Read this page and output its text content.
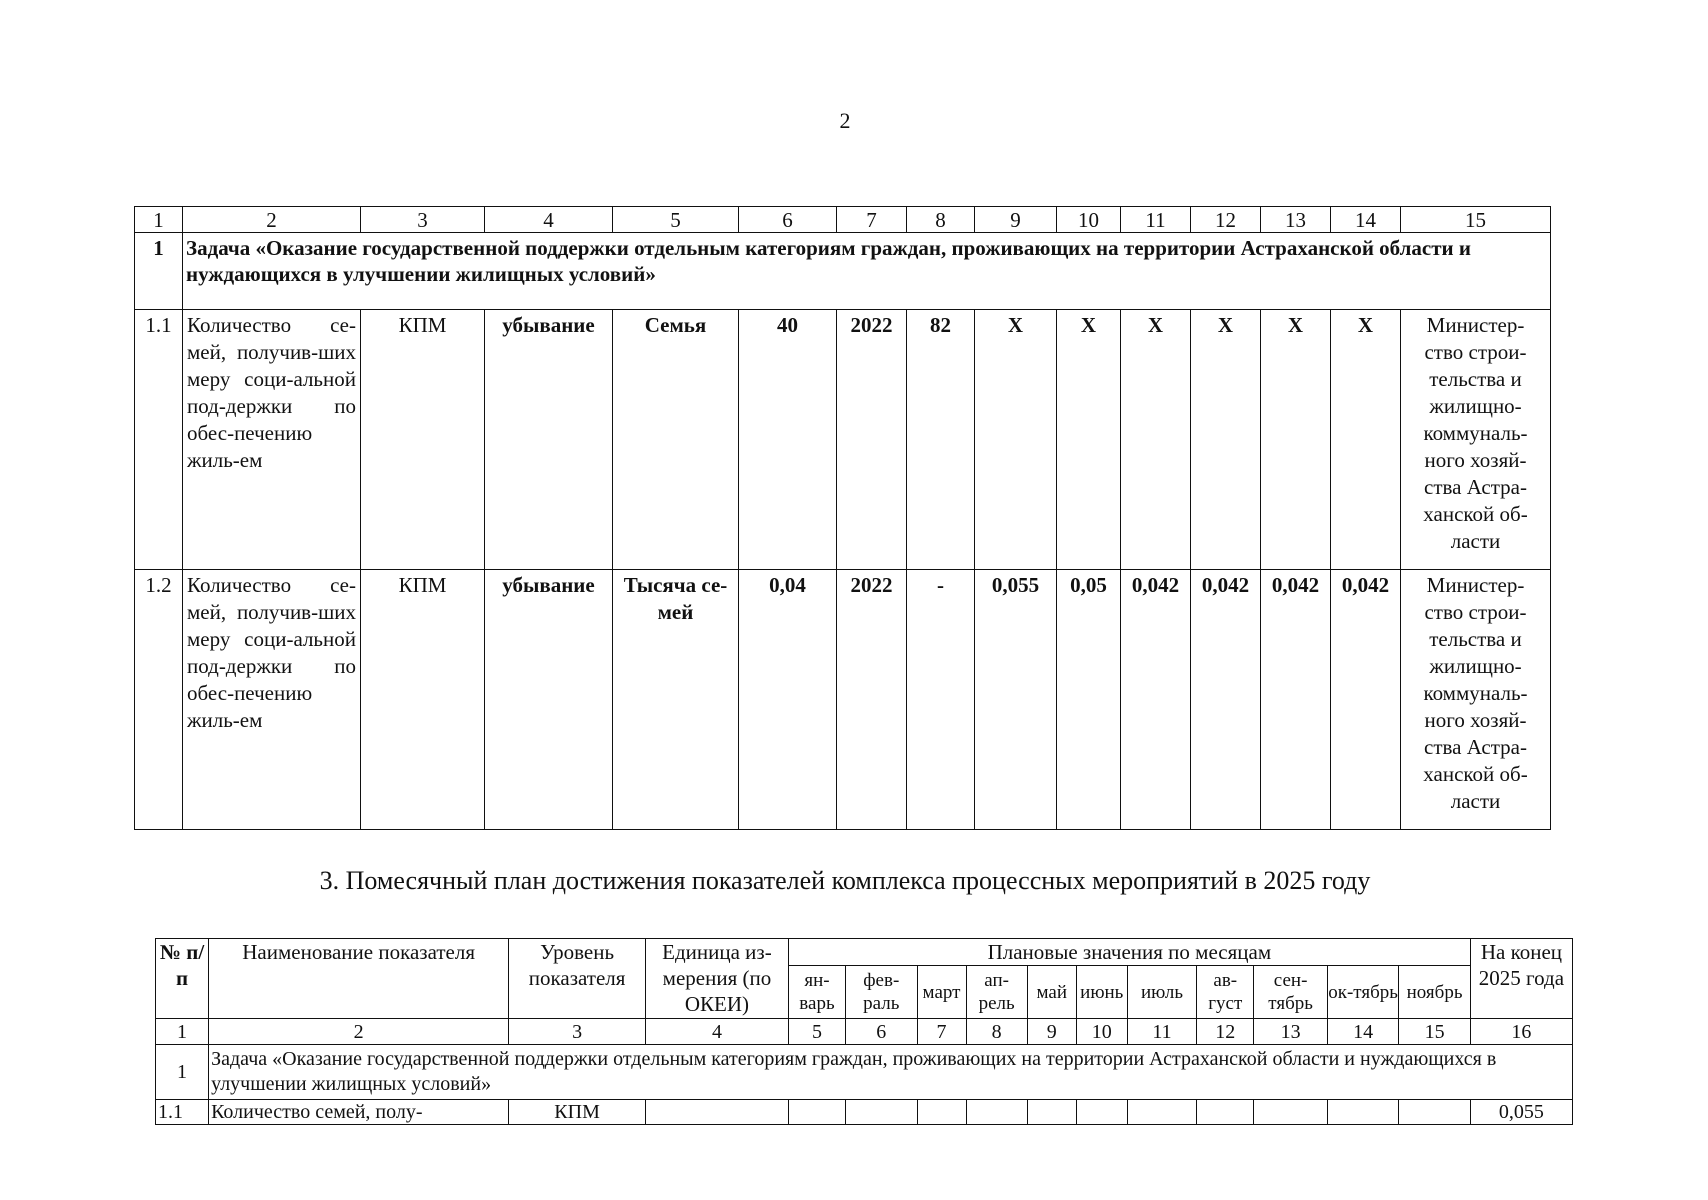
2
1	2	3	4	5	6	7	8	9	10	11	12	13	14	15
1	Задача «Оказание государственной поддержки отдельным категориям граждан, проживающих на территории Астраханской области и нуждающихся в улучшении жилищных условий»													
1.1	Количество се-мей, получив-ших меру соци-альной под-держки по обес-печению жиль-ем	КПМ	убывание	Семья	40	2022	82	Х	Х	Х	Х	Х	Х	Министер-ство строи-тельства и жилищно-коммуналь-ного хозяй-ства Астра-ханской об-ласти
1.2	Количество се-мей, получив-ших меру соци-альной под-держки по обес-печению жиль-ем	КПМ	убывание	Тысяча се-мей	0,04	2022	-	0,055	0,05	0,042	0,042	0,042	0,042	Министер-ство строи-тельства и жилищно-коммуналь-ного хозяй-ства Астра-ханской об-ласти
3. Помесячный план достижения показателей комплекса процессных мероприятий в 2025 году
№ п/п	Наименование показателя	Уровень показателя	Единица из-мерения (по ОКЕИ)	Плановые значения по месяцам											На конец 2025 года
				ян-варь	фев-раль	март	ап-рель	май	июнь	июль	ав-густ	сен-тябрь	ок-тябрь	ноябрь	
1	2	3	4	5	6	7	8	9	10	11	12	13	14	15	16
1	Задача «Оказание государственной поддержки отдельным категориям граждан, проживающих на территории Астраханской области и нуждающихся в улучшении жилищных условий»														
1.1	Количество семей, полу-	КПМ													0,055
